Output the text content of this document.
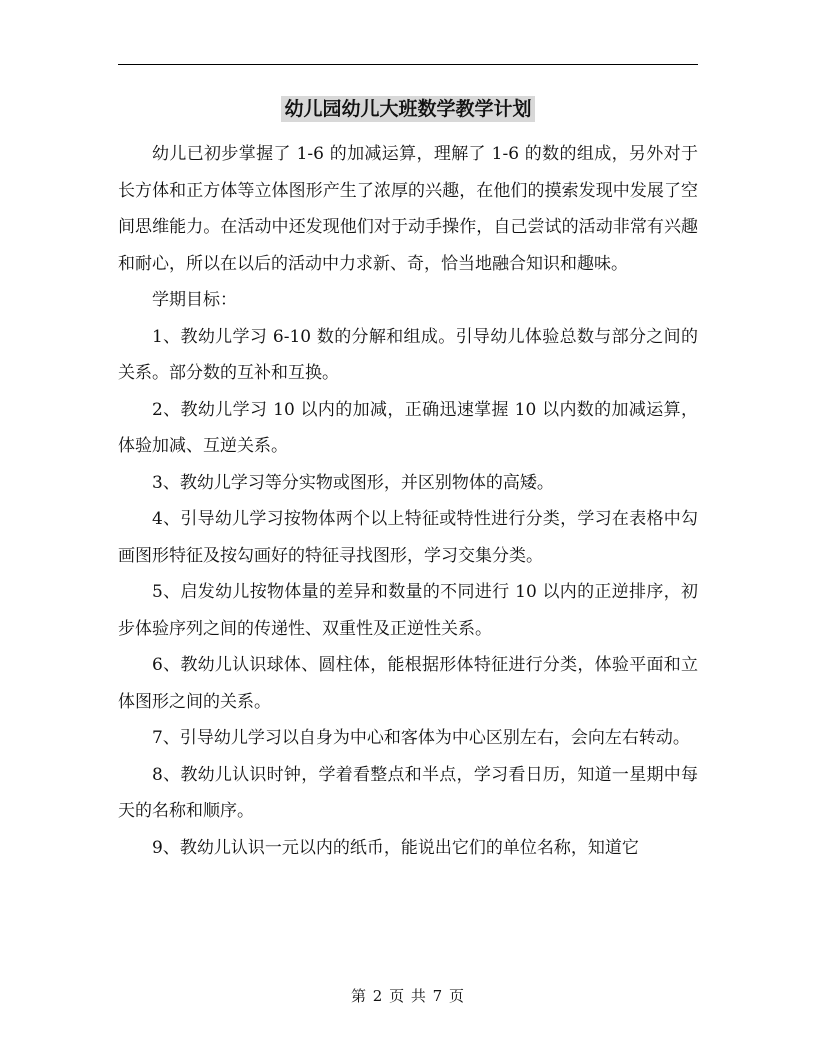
幼儿园幼儿大班数学教学计划

幼儿已初步掌握了 1-6 的加减运算，理解了 1-6 的数的组成，另外对于长方体和正方体等立体图形产生了浓厚的兴趣，在他们的摸索发现中发展了空间思维能力。在活动中还发现他们对于动手操作，自己尝试的活动非常有兴趣和耐心，所以在以后的活动中力求新、奇，恰当地融合知识和趣味。

学期目标：

1、教幼儿学习 6-10 数的分解和组成。引导幼儿体验总数与部分之间的关系。部分数的互补和互换。

2、教幼儿学习 10 以内的加减，正确迅速掌握 10 以内数的加减运算，体验加减、互逆关系。

3、教幼儿学习等分实物或图形，并区别物体的高矮。

4、引导幼儿学习按物体两个以上特征或特性进行分类，学习在表格中勾画图形特征及按勾画好的特征寻找图形，学习交集分类。

5、启发幼儿按物体量的差异和数量的不同进行 10 以内的正逆排序，初步体验序列之间的传递性、双重性及正逆性关系。

6、教幼儿认识球体、圆柱体，能根据形体特征进行分类，体验平面和立体图形之间的关系。

7、引导幼儿学习以自身为中心和客体为中心区别左右，会向左右转动。

8、教幼儿认识时钟，学着看整点和半点，学习看日历，知道一星期中每天的名称和顺序。

9、教幼儿认识一元以内的纸币，能说出它们的单位名称，知道它

第 2 页 共 7 页
